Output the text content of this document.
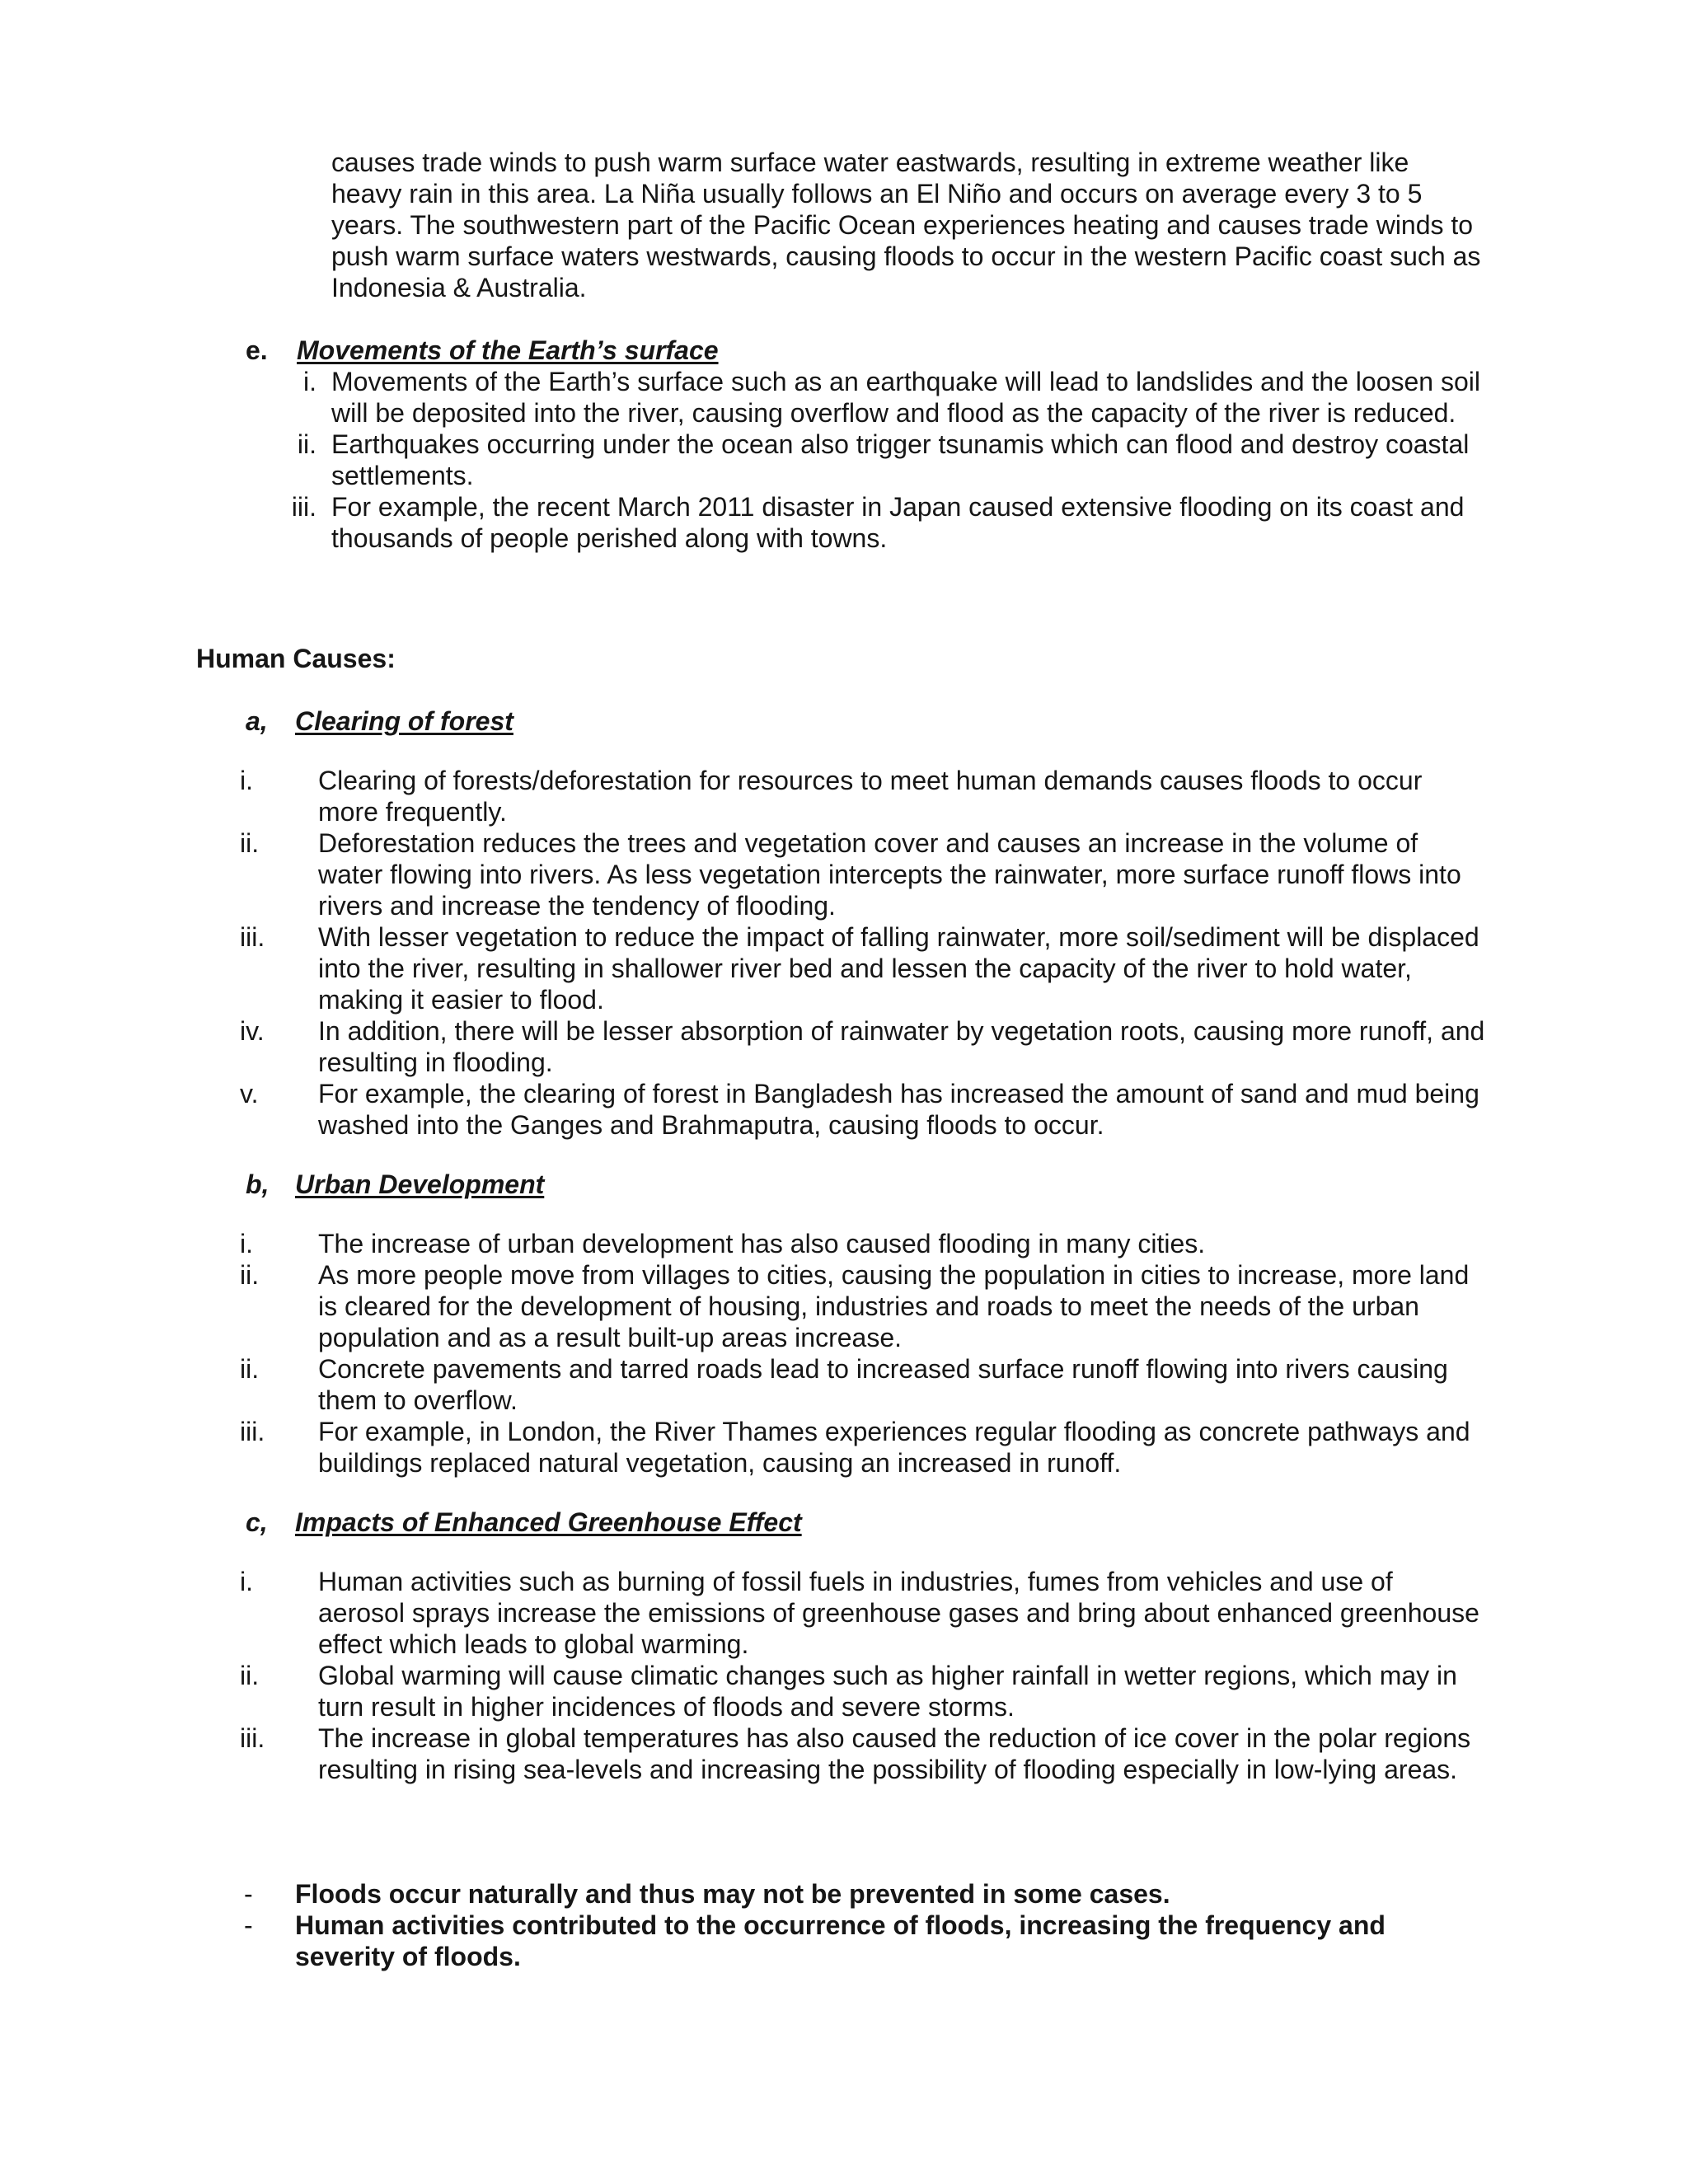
causes trade winds to push warm surface water eastwards, resulting in extreme weather like heavy rain in this area. La Niña usually follows an El Niño and occurs on average every 3 to 5 years. The southwestern part of the Pacific Ocean experiences heating and causes trade winds to push warm surface waters westwards, causing floods to occur in the western Pacific coast such as Indonesia & Australia.

e. Movements of the Earth’s surface
i. Movements of the Earth’s surface such as an earthquake will lead to landslides and the loosen soil will be deposited into the river, causing overflow and flood as the capacity of the river is reduced.
ii. Earthquakes occurring under the ocean also trigger tsunamis which can flood and destroy coastal settlements.
iii. For example, the recent March 2011 disaster in Japan caused extensive flooding on its coast and thousands of people perished along with towns.
Human Causes:
a, Clearing of forest
i. Clearing of forests/deforestation for resources to meet human demands causes floods to occur more frequently.
ii. Deforestation reduces the trees and vegetation cover and causes an increase in the volume of water flowing into rivers. As less vegetation intercepts the rainwater, more surface runoff flows into rivers and increase the tendency of flooding.
iii. With lesser vegetation to reduce the impact of falling rainwater, more soil/sediment will be displaced into the river, resulting in shallower river bed and lessen the capacity of the river to hold water, making it easier to flood.
iv. In addition, there will be lesser absorption of rainwater by vegetation roots, causing more runoff, and resulting in flooding.
v. For example, the clearing of forest in Bangladesh has increased the amount of sand and mud being washed into the Ganges and Brahmaputra, causing floods to occur.
b, Urban Development
i. The increase of urban development has also caused flooding in many cities.
ii. As more people move from villages to cities, causing the population in cities to increase, more land is cleared for the development of housing, industries and roads to meet the needs of the urban population and as a result built-up areas increase.
ii. Concrete pavements and tarred roads lead to increased surface runoff flowing into rivers causing them to overflow.
iii. For example, in London, the River Thames experiences regular flooding as concrete pathways and buildings replaced natural vegetation, causing an increased in runoff.
c, Impacts of Enhanced Greenhouse Effect
i. Human activities such as burning of fossil fuels in industries, fumes from vehicles and use of aerosol sprays increase the emissions of greenhouse gases and bring about enhanced greenhouse effect which leads to global warming.
ii. Global warming will cause climatic changes such as higher rainfall in wetter regions, which may in turn result in higher incidences of floods and severe storms.
iii. The increase in global temperatures has also caused the reduction of ice cover in the polar regions resulting in rising sea-levels and increasing the possibility of flooding especially in low-lying areas.
- Floods occur naturally and thus may not be prevented in some cases.
- Human activities contributed to the occurrence of floods, increasing the frequency and severity of floods.
